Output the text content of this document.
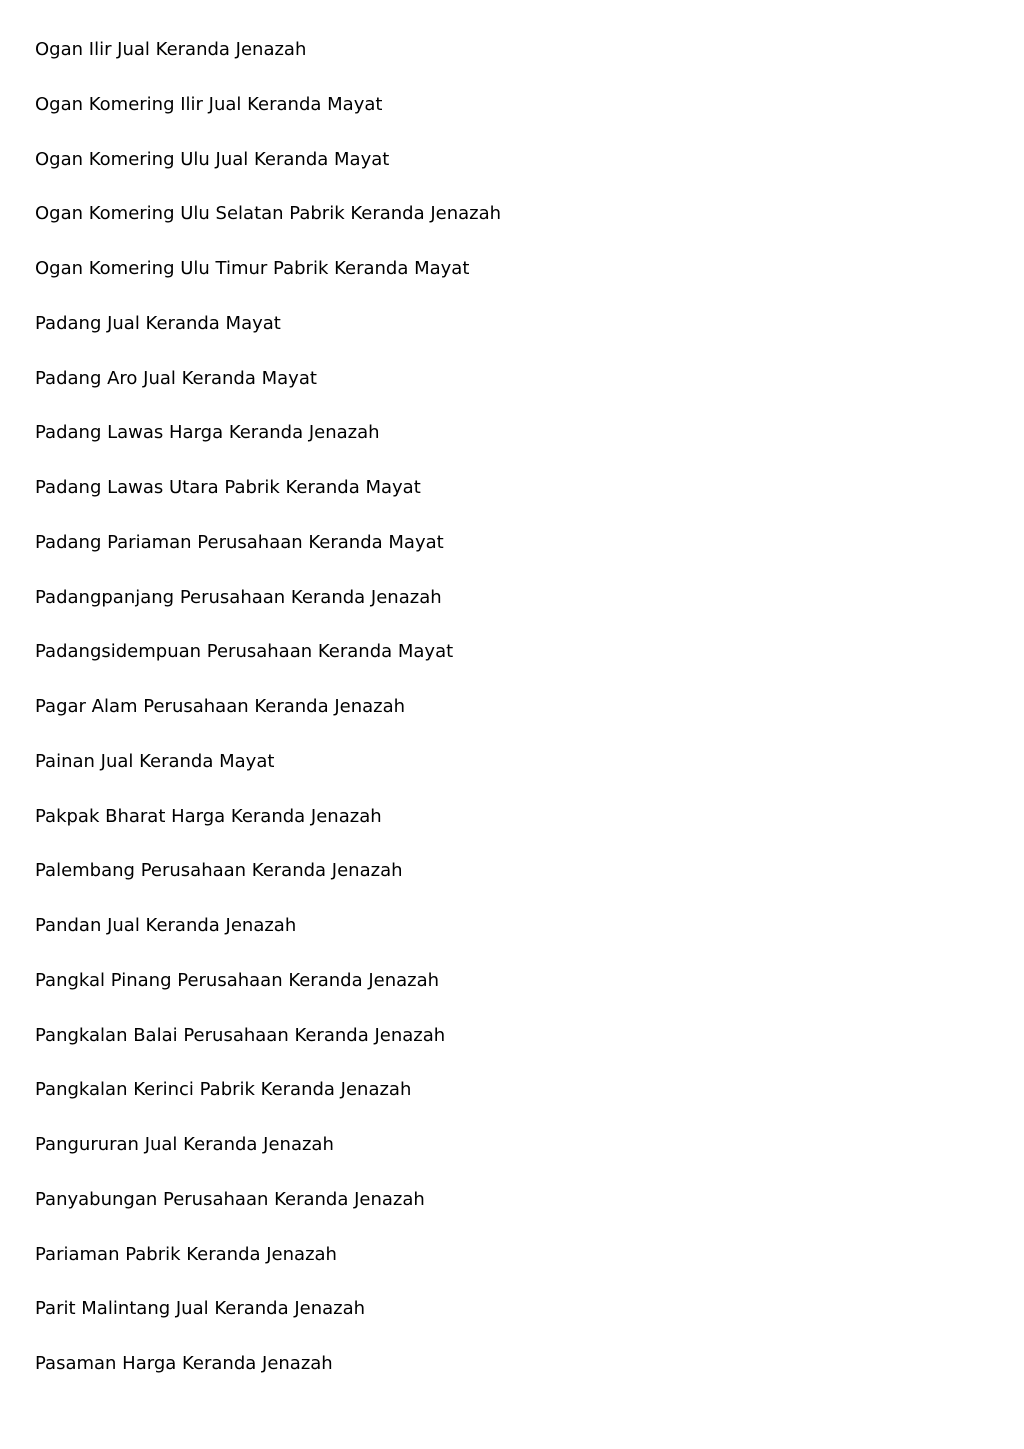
Ogan Ilir Jual Keranda Jenazah
Ogan Komering Ilir Jual Keranda Mayat
Ogan Komering Ulu Jual Keranda Mayat
Ogan Komering Ulu Selatan Pabrik Keranda Jenazah
Ogan Komering Ulu Timur Pabrik Keranda Mayat
Padang Jual Keranda Mayat
Padang Aro Jual Keranda Mayat
Padang Lawas Harga Keranda Jenazah
Padang Lawas Utara Pabrik Keranda Mayat
Padang Pariaman Perusahaan Keranda Mayat
Padangpanjang Perusahaan Keranda Jenazah
Padangsidempuan Perusahaan Keranda Mayat
Pagar Alam Perusahaan Keranda Jenazah
Painan Jual Keranda Mayat
Pakpak Bharat Harga Keranda Jenazah
Palembang Perusahaan Keranda Jenazah
Pandan Jual Keranda Jenazah
Pangkal Pinang Perusahaan Keranda Jenazah
Pangkalan Balai Perusahaan Keranda Jenazah
Pangkalan Kerinci Pabrik Keranda Jenazah
Pangururan Jual Keranda Jenazah
Panyabungan Perusahaan Keranda Jenazah
Pariaman Pabrik Keranda Jenazah
Parit Malintang Jual Keranda Jenazah
Pasaman Harga Keranda Jenazah
